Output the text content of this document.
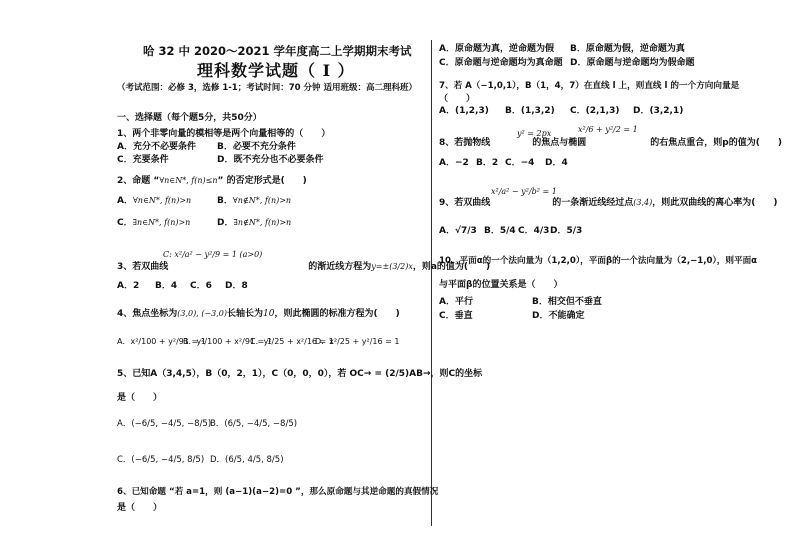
哈 32 中 2020～2021 学年度高二上学期期末考试
理科数学试题（ I ）
（考试范围：必修 3，选修 1-1；考试时间：70 分钟 适用班级：高二理科班）
一、选择题（每个题5分，共50分）
1、两个非零向量的模相等是两个向量相等的（　　）
A．充分不必要条件 B．必要不充分条件
C．充要条件	D．既不充分也不必要条件
2、命题 “∀n∈N*, f(n)≤n” 的否定形式是(　　)
A．∀n∈N*, f(n)>n	B．∀n∉N*, f(n)>n
C．∃n∈N*, f(n)>n	D．∃n∉N*, f(n)>n
C: x²/a² − y²/9 = 1 (a>0)
3、若双曲线	的渐近线方程为y=±(3/2)x，则a的值为(　　)
A．2 B．4 C．6 D．8
4、焦点坐标为(3,0), (−3,0)长轴长为10，则此椭圆的标准方程为(　　)
A．x²/100 + y²/91 = 1
B．y²/100 + x²/91 = 1
C．y²/25 + x²/16 = 1
D．x²/25 + y²/16 = 1
5、已知A（3,4,5），B（0，2，1），C（0，0，0），若 OC→ = (2/5)AB→，则C的坐标
是（　　）
A．(−6/5, −4/5, −8/5)
B．(6/5, −4/5, −8/5)
C．(−6/5, −4/5, 8/5) D．(6/5, 4/5, 8/5)
6、已知命题 “若 a=1，则 (a−1)(a−2)=0 ”，那么原命题与其逆命题的真假情况
是（　　）
A．原命题为真，逆命题为假 B．原命题为假，逆命题为真
C．原命题与逆命题均为真命题 D．原命题与逆命题均为假命题
7、若 A（−1,0,1），B（1，4，7）在直线 l 上，则直线 l 的一个方向向量是
（　　）
A．(1,2,3) B．(1,3,2) C．(2,1,3) D．(3,2,1)
y² = 2px	x²/6 + y²/2 = 1
8、若抛物线	的焦点与椭圆	的右焦点重合，则p的值为(　　)
A．−2 B．2 C．−4 D．4
x²/a² − y²/b² = 1
9、若双曲线	的一条渐近线经过点(3,4)，则此双曲线的离心率为(　　)
A．√7/3 B．5/4 C．4/3 D．5/3
10、平面α的一个法向量为（1,2,0），平面β的一个法向量为（2,−1,0），则平面α
与平面β的位置关系是（　　）
A．平行	B．相交但不垂直
C．垂直	D．不能确定
